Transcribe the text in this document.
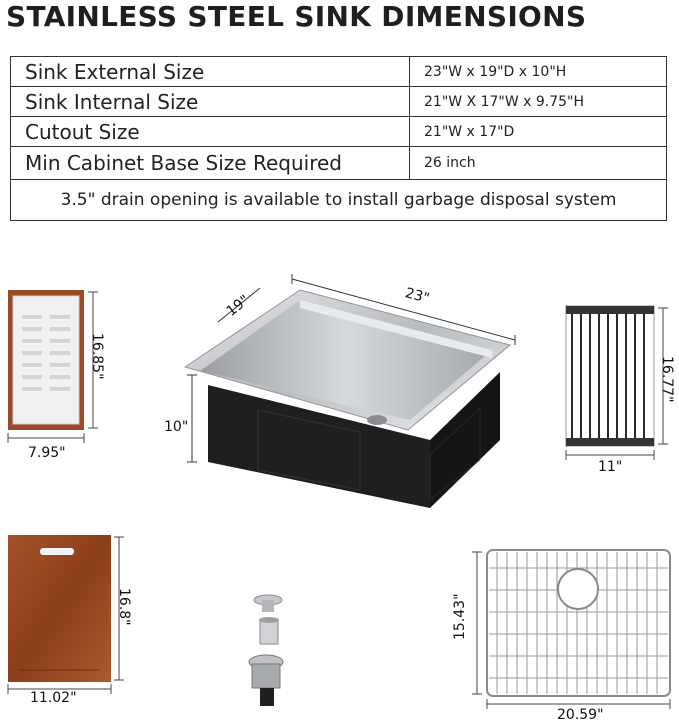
STAINLESS STEEL SINK DIMENSIONS
Sink External Size	23"W x 19"D x 10"H
Sink Internal Size	21"W X 17"W x 9.75"H
Cutout Size	21"W x 17"D
Min Cabinet Base Size Required	26 inch
3.5" drain opening is available to install garbage disposal system	
16.85"
7.95"
19"	23"
10"
16.77"
11"
16.8"
11.02"
15.43"
20.59"
